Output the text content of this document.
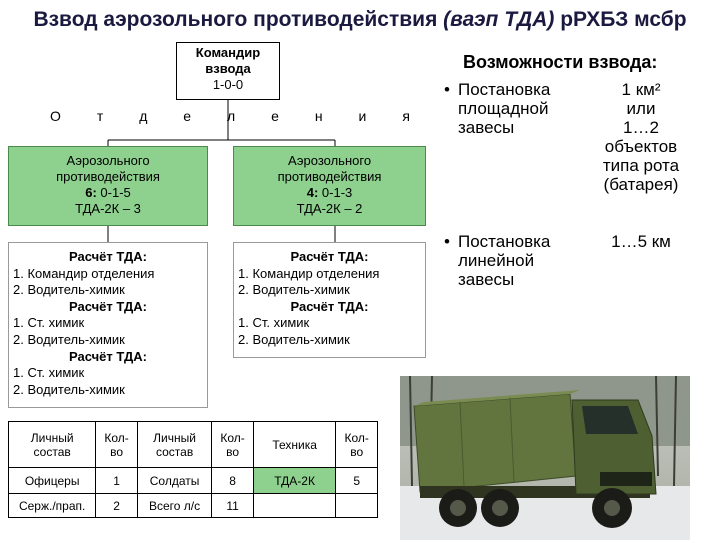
Взвод аэрозольного противодействия (ваэп ТДА) рРХБЗ мсбр
Командир
взвода
1-0-0
О	т	д	е	л	е	н	и	я
Аэрозольного
противодействия
6: 0-1-5
ТДА-2К – 3
Аэрозольного
противодействия
4: 0-1-3
ТДА-2К – 2
Расчёт ТДА:
1. Командир отделения
2. Водитель-химик
Расчёт ТДА:
1. Ст. химик
2. Водитель-химик
Расчёт ТДА:
1. Ст. химик
2. Водитель-химик
Расчёт ТДА:
1. Командир отделения
2. Водитель-химик
Расчёт ТДА:
1. Ст. химик
2. Водитель-химик
Возможности взвода:
• Постановка
площадной
завесы
1 км²
или
1…2
объектов
типа рота
(батарея)
• Постановка
линейной
завесы
1…5 км
Личный состав	Кол-во	Личный состав	Кол-во	Техника	Кол-во
Офицеры	1	Солдаты	8	ТДА-2К	5
Серж./прап.	2	Всего л/с	11		
